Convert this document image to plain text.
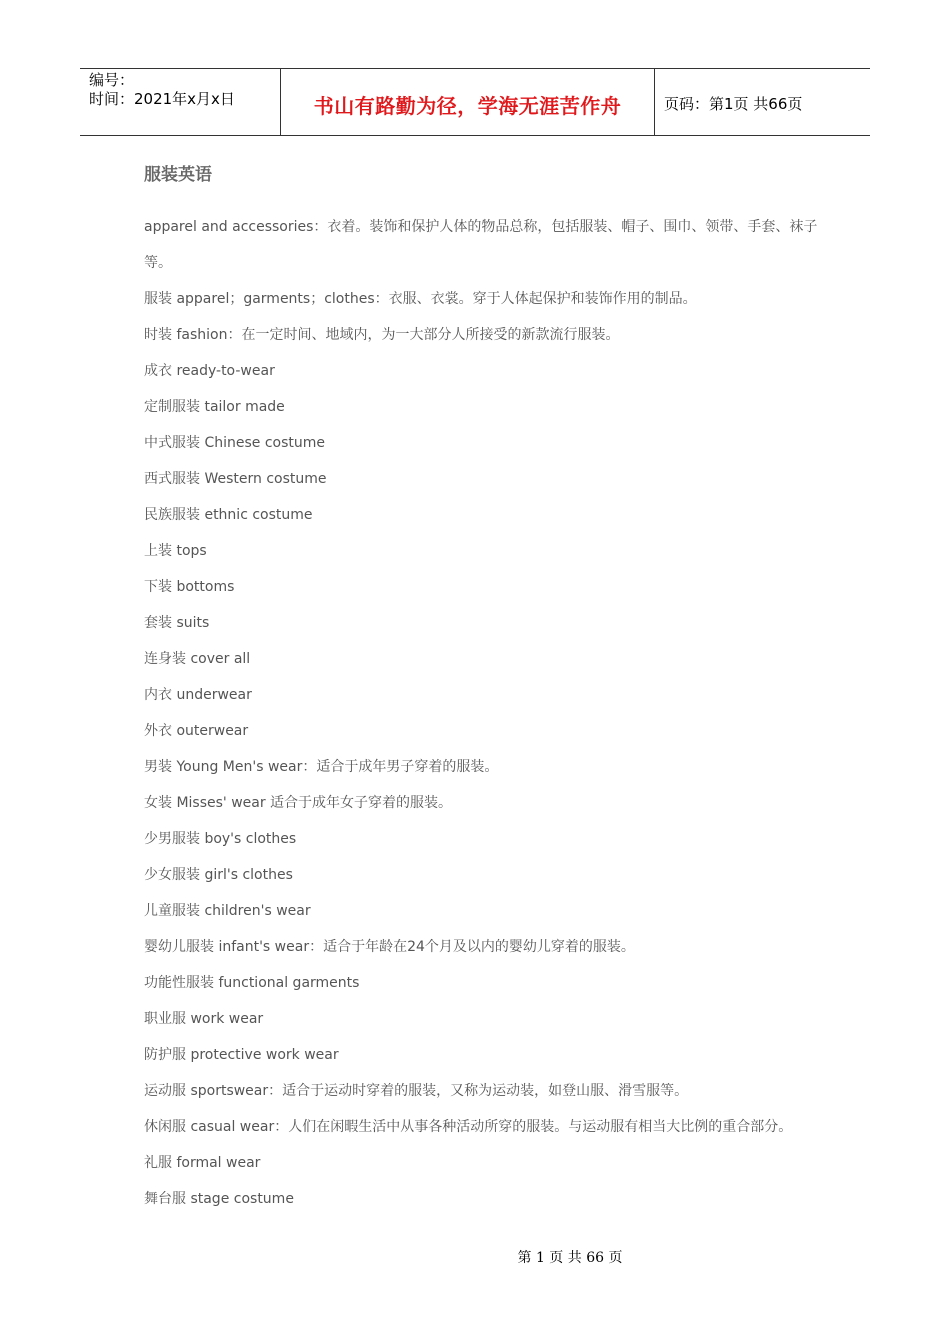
编号：
时间：2021年x月x日	书山有路勤为径，学海无涯苦作舟	页码：第1页 共66页
服装英语
apparel and accessories：衣着。装饰和保护人体的物品总称，包括服装、帽子、围巾、领带、手套、袜子等。
服装 apparel；garments；clothes：衣服、衣裳。穿于人体起保护和装饰作用的制品。
时装 fashion：在一定时间、地域内，为一大部分人所接受的新款流行服装。
成衣 ready-to-wear
定制服装 tailor made
中式服装 Chinese costume
西式服装 Western costume
民族服装 ethnic costume
上装 tops
下装 bottoms
套装 suits
连身装 cover all
内衣 underwear
外衣 outerwear
男装 Young Men's wear：适合于成年男子穿着的服装。
女装 Misses' wear 适合于成年女子穿着的服装。
少男服装 boy's clothes
少女服装 girl's clothes
儿童服装 children's wear
婴幼儿服装 infant's wear：适合于年龄在24个月及以内的婴幼儿穿着的服装。
功能性服装 functional garments
职业服 work wear
防护服 protective work wear
运动服 sportswear：适合于运动时穿着的服装，又称为运动装，如登山服、滑雪服等。
休闲服 casual wear：人们在闲暇生活中从事各种活动所穿的服装。与运动服有相当大比例的重合部分。
礼服 formal wear
舞台服 stage costume
第 1 页 共 66 页
